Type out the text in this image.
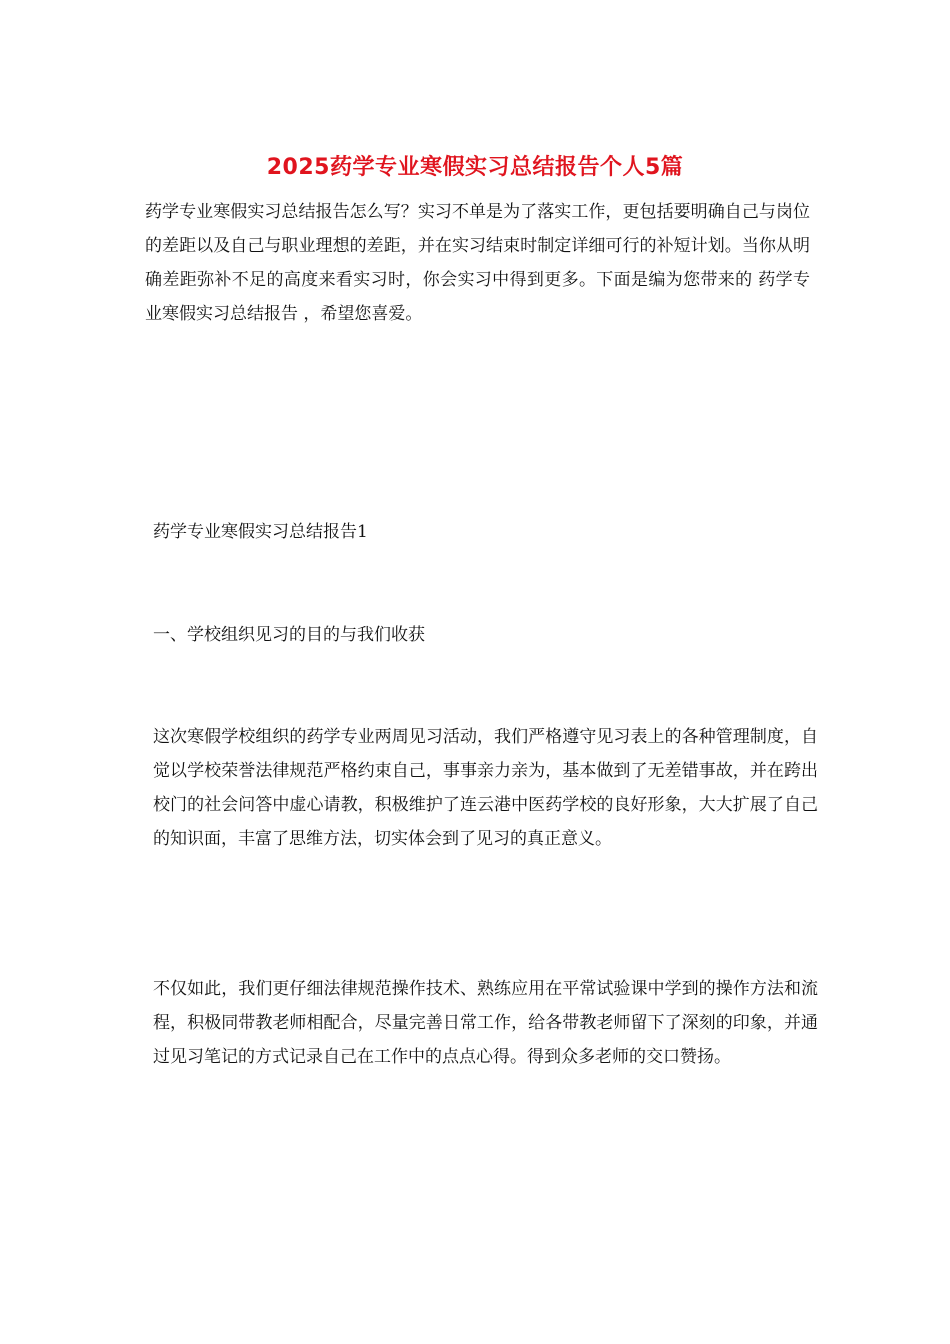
2025药学专业寒假实习总结报告个人5篇

药学专业寒假实习总结报告怎么写？实习不单是为了落实工作，更包括要明确自己与岗位的差距以及自己与职业理想的差距，并在实习结束时制定详细可行的补短计划。当你从明确差距弥补不足的高度来看实习时，你会实习中得到更多。下面是编为您带来的 药学专业寒假实习总结报告 ，希望您喜爱。

药学专业寒假实习总结报告1

一、学校组织见习的目的与我们收获

这次寒假学校组织的药学专业两周见习活动，我们严格遵守见习表上的各种管理制度，自觉以学校荣誉法律规范严格约束自己，事事亲力亲为，基本做到了无差错事故，并在跨出校门的社会问答中虚心请教，积极维护了连云港中医药学校的良好形象，大大扩展了自己的知识面，丰富了思维方法，切实体会到了见习的真正意义。

不仅如此，我们更仔细法律规范操作技术、熟练应用在平常试验课中学到的操作方法和流程，积极同带教老师相配合，尽量完善日常工作，给各带教老师留下了深刻的印象，并通过见习笔记的方式记录自己在工作中的点点心得。得到众多老师的交口赞扬。
